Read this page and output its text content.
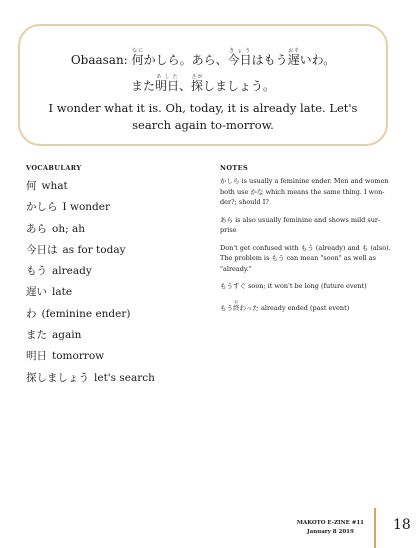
Obaasan: 何なにかしら。あら、今日きょうはもう遅おそいわ。
また明日あした、探さがしましょう。
I wonder what it is. Oh, today, it is already late. Let's search again to-morrow.
VOCABULARY	NOTES
何 what
かしら I wonder
あら oh; ah
今日は as for today
もう already
遅い late
わ (feminine ender)
また again
明日 tomorrow
探しましょう let's search
かしら is usually a feminine ender. Men and women both use かな which means the same thing. I won-der?; should I?
あら is also usually feminine and shows mild sur-prise
Don't get confused with もう (already) and も (also). The problem is もう can mean "soon" as well as "already."
もうすぐ soon; it won't be long (future event)
もう終おわった already ended (past event)
MAKOTO E-ZINE #11
January 8 2019	18
